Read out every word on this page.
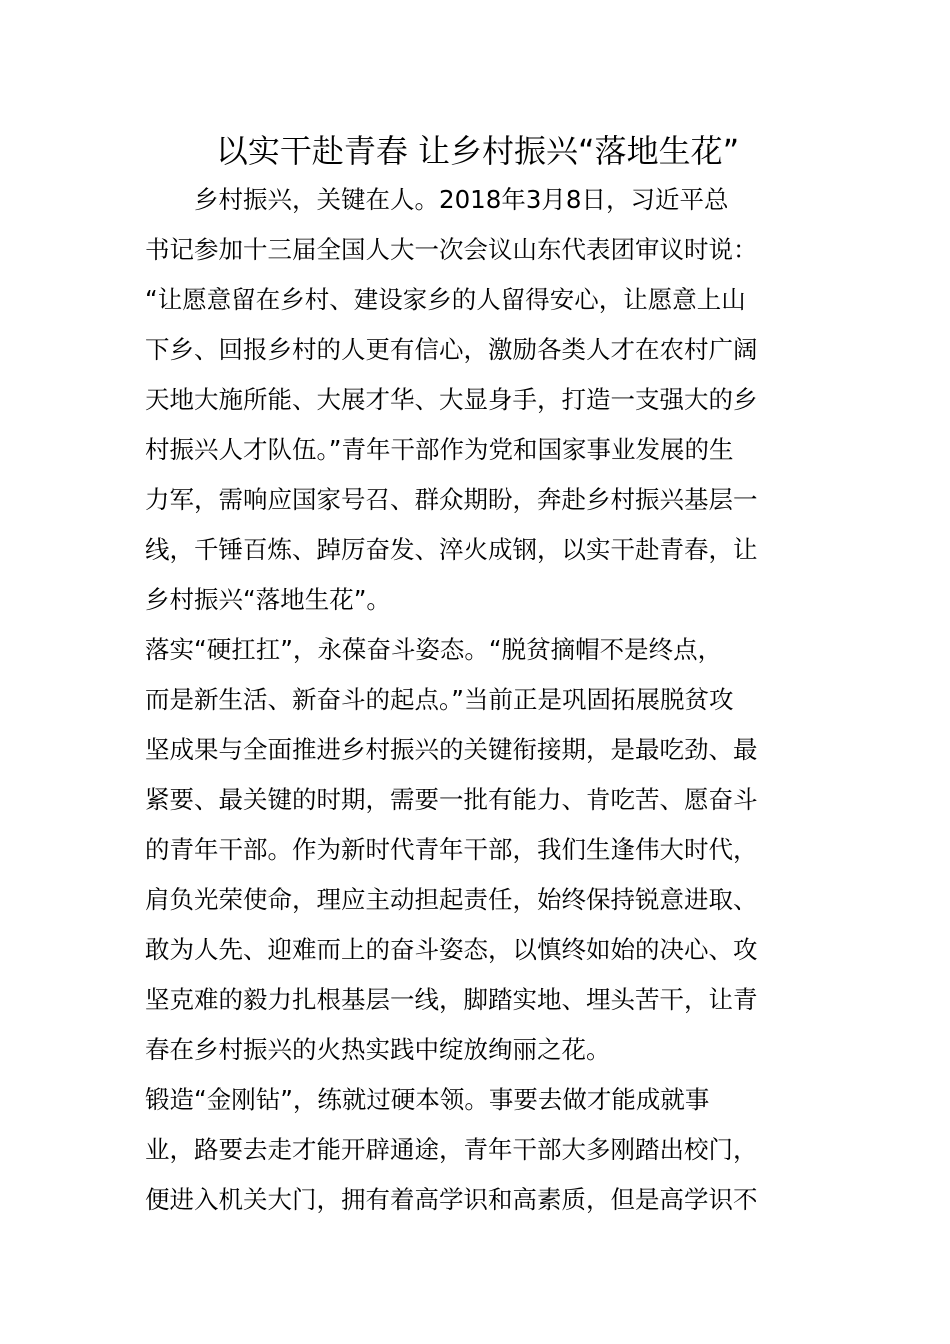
以实干赴青春 让乡村振兴“落地生花”
　　乡村振兴，关键在人。2018年3月8日，习近平总
书记参加十三届全国人大一次会议山东代表团审议时说：
“让愿意留在乡村、建设家乡的人留得安心，让愿意上山
下乡、回报乡村的人更有信心，激励各类人才在农村广阔
天地大施所能、大展才华、大显身手，打造一支强大的乡
村振兴人才队伍。”青年干部作为党和国家事业发展的生
力军，需响应国家号召、群众期盼，奔赴乡村振兴基层一
线，千锤百炼、踔厉奋发、淬火成钢，以实干赴青春，让
乡村振兴“落地生花”。
落实“硬扛扛”，永葆奋斗姿态。“脱贫摘帽不是终点，
而是新生活、新奋斗的起点。”当前正是巩固拓展脱贫攻
坚成果与全面推进乡村振兴的关键衔接期，是最吃劲、最
紧要、最关键的时期，需要一批有能力、肯吃苦、愿奋斗
的青年干部。作为新时代青年干部，我们生逢伟大时代，
肩负光荣使命，理应主动担起责任，始终保持锐意进取、
敢为人先、迎难而上的奋斗姿态，以慎终如始的决心、攻
坚克难的毅力扎根基层一线，脚踏实地、埋头苦干，让青
春在乡村振兴的火热实践中绽放绚丽之花。
锻造“金刚钻”，练就过硬本领。事要去做才能成就事
业，路要去走才能开辟通途，青年干部大多刚踏出校门，
便进入机关大门，拥有着高学识和高素质，但是高学识不
